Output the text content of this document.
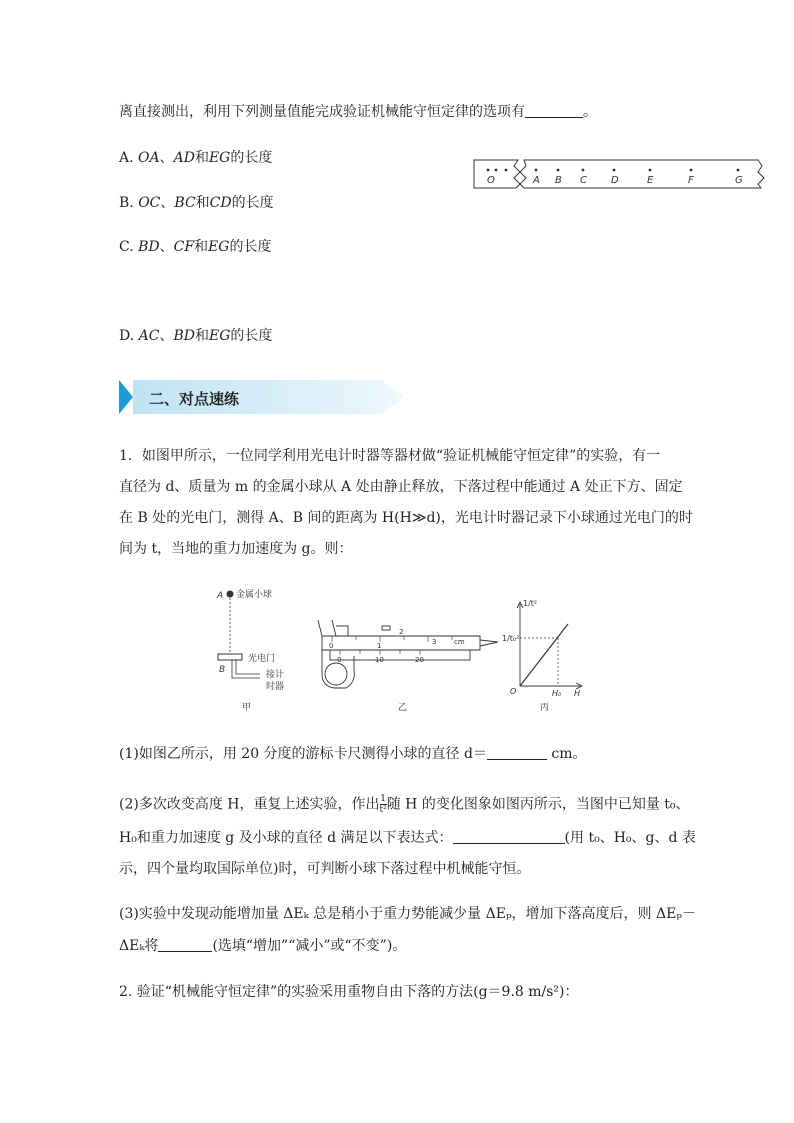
离直接测出，利用下列测量值能完成验证机械能守恒定律的选项有	。
A. OA、AD和EG的长度
B. OC、BC和CD的长度
C. BD、CF和EG的长度
D. AC、BD和EG的长度
O	A B C D	E	F	G
二、对点速练
1．如图甲所示，一位同学利用光电计时器等器材做“验证机械能守恒定律”的实验，有一
直径为 d、质量为 m 的金属小球从 A 处由静止释放，下落过程中能通过 A 处正下方、固定
在 B 处的光电门，测得 A、B 间的距离为 H(H≫d)，光电计时器记录下小球通过光电门的时
间为 t，当地的重力加速度为 g。则：
A 金属小球
B
光电门
接计
时器
甲
0	1
2
3	cm
0	10	20
乙
1/t²
1/t₀²
O	H₀ H
丙
(1)如图乙所示，用 20 分度的游标卡尺测得小球的直径 d＝	cm。
(2)多次改变高度 H，重复上述实验，作出 $\frac{1}{\text{t²}}$ 随 H 的变化图象如图丙所示，当图中已知量 t₀、
H₀和重力加速度 g 及小球的直径 d 满足以下表达式：	(用 t₀、H₀、g、d 表
示，四个量均取国际单位)时，可判断小球下落过程中机械能守恒。
(3)实验中发现动能增加量 ΔEₖ 总是稍小于重力势能减少量 ΔEₚ，增加下落高度后，则 ΔEₚ－
ΔEₖ将	(选填“增加”“减小”或“不变”)。
2. 验证“机械能守恒定律”的实验采用重物自由下落的方法(g＝9.8 m/s²)：
